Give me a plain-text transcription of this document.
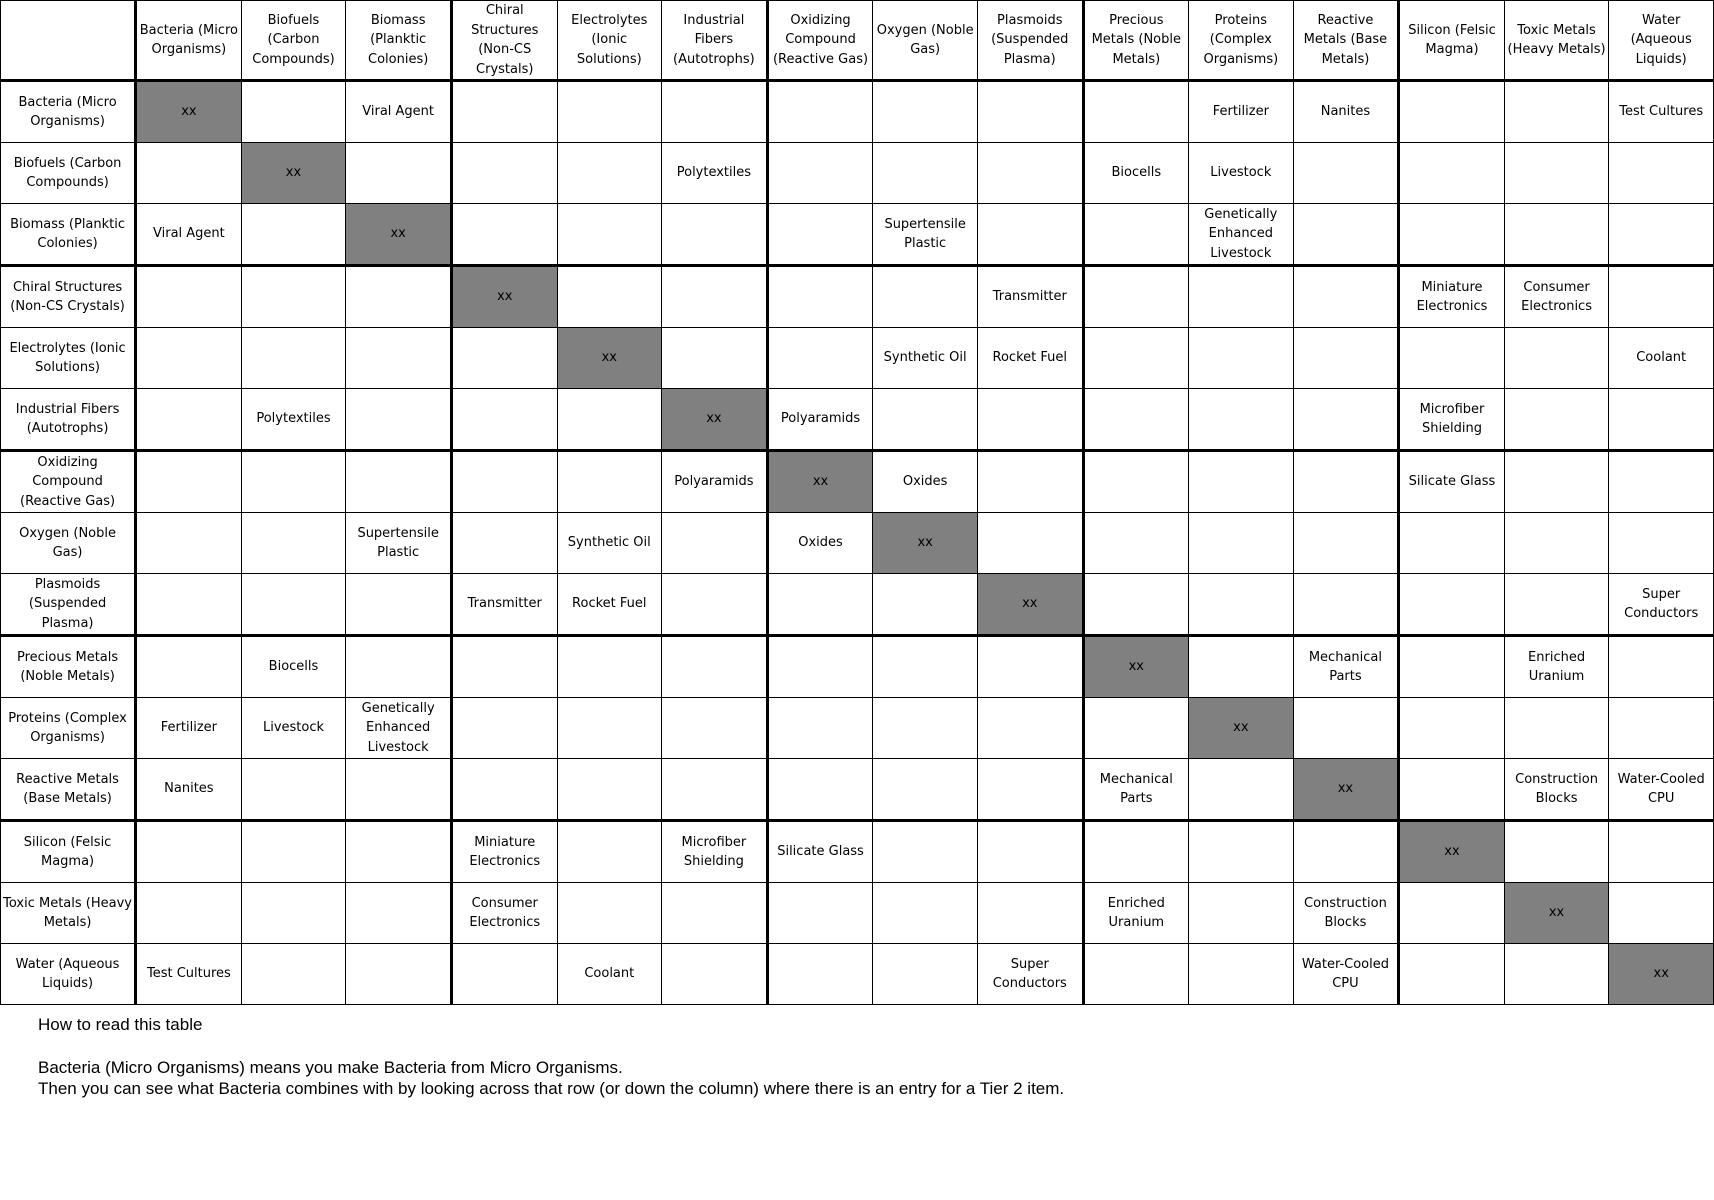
	Bacteria (Micro Organisms)	Biofuels (Carbon Compounds)	Biomass (Planktic Colonies)	Chiral Structures (Non-CS Crystals)	Electrolytes (Ionic Solutions)	Industrial Fibers (Autotrophs)	Oxidizing Compound (Reactive Gas)	Oxygen (Noble Gas)	Plasmoids (Suspended Plasma)	Precious Metals (Noble Metals)	Proteins (Complex Organisms)	Reactive Metals (Base Metals)	Silicon (Felsic Magma)	Toxic Metals (Heavy Metals)	Water (Aqueous Liquids)
Bacteria (Micro Organisms)	xx		Viral Agent								Fertilizer	Nanites			Test Cultures
Biofuels (Carbon Compounds)		xx				Polytextiles				Biocells	Livestock				
Biomass (Planktic Colonies)	Viral Agent		xx					Supertensile Plastic			Genetically Enhanced Livestock				
Chiral Structures (Non-CS Crystals)				xx					Transmitter				Miniature Electronics	Consumer Electronics	
Electrolytes (Ionic Solutions)					xx			Synthetic Oil	Rocket Fuel						Coolant
Industrial Fibers (Autotrophs)		Polytextiles				xx	Polyaramids						Microfiber Shielding		
Oxidizing Compound (Reactive Gas)						Polyaramids	xx	Oxides					Silicate Glass		
Oxygen (Noble Gas)			Supertensile Plastic		Synthetic Oil		Oxides	xx							
Plasmoids (Suspended Plasma)				Transmitter	Rocket Fuel				xx						Super Conductors
Precious Metals (Noble Metals)		Biocells								xx		Mechanical Parts		Enriched Uranium	
Proteins (Complex Organisms)	Fertilizer	Livestock	Genetically Enhanced Livestock								xx				
Reactive Metals (Base Metals)	Nanites									Mechanical Parts		xx		Construction Blocks	Water-Cooled CPU
Silicon (Felsic Magma)				Miniature Electronics		Microfiber Shielding	Silicate Glass						xx		
Toxic Metals (Heavy Metals)				Consumer Electronics						Enriched Uranium		Construction Blocks		xx	
Water (Aqueous Liquids)	Test Cultures				Coolant				Super Conductors			Water-Cooled CPU			xx

How to read this table

Bacteria (Micro Organisms) means you make Bacteria from Micro Organisms.

Then you can see what Bacteria combines with by looking across that row (or down the column) where there is an entry for a Tier 2 item.
